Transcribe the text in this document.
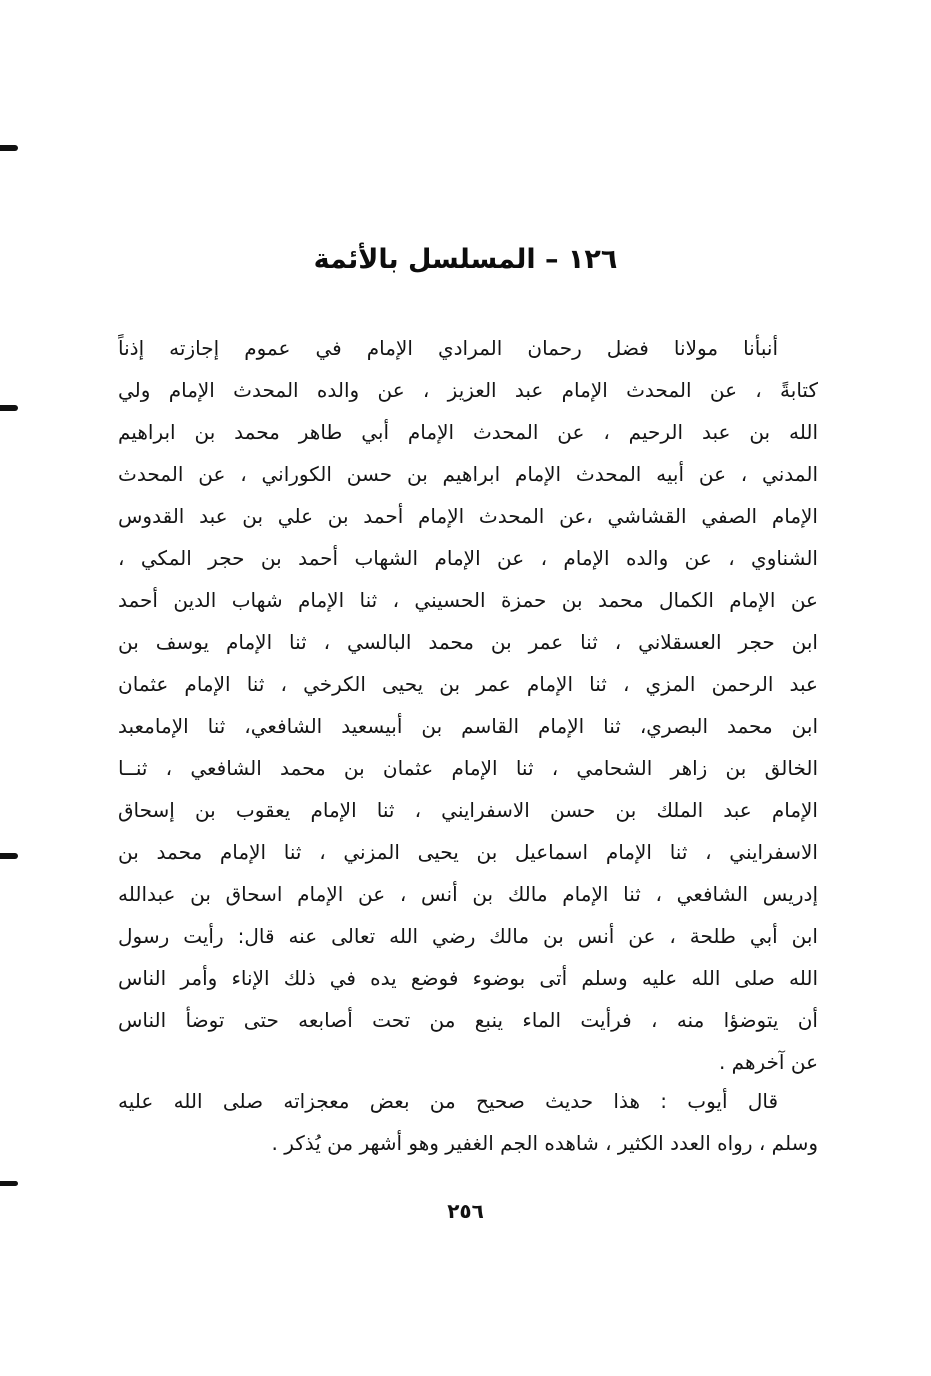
١٢٦ – المسلسل بالأئمة
أنبأنا مولانا فضل رحمان المرادي الإمام في عموم إجازته إذناً
كتابةً ، عن المحدث الإمام عبد العزيز ، عن والده المحدث الإمام ولي
الله بن عبد الرحيم ، عن المحدث الإمام أبي طاهر محمد بن ابراهيم
المدني ، عن أبيه المحدث الإمام ابراهيم بن حسن الكوراني ، عن المحدث
الإمام الصفي القشاشي ،عن المحدث الإمام أحمد بن علي بن عبد القدوس
الشناوي ، عن والده الإمام ، عن الإمام الشهاب أحمد بن حجر المكي ،
عن الإمام الكمال محمد بن حمزة الحسيني ، ثنا الإمام شهاب الدين أحمد
ابن حجر العسقلاني ، ثنا عمر بن محمد البالسي ، ثنا الإمام يوسف بن
عبد الرحمن المزي ، ثنا الإمام عمر بن يحيى الكرخي ، ثنا الإمام عثمان
ابن محمد البصري، ثنا الإمام القاسم بن أبيسعيد الشافعي، ثنا الإمامعبد
الخالق بن زاهر الشحامي ، ثنا الإمام عثمان بن محمد الشافعي ، ثنــا
الإمام عبد الملك بن حسن الاسفرايني ، ثنا الإمام يعقوب بن إسحاق
الاسفرايني ، ثنا الإمام اسماعيل بن يحيى المزني ، ثنا الإمام محمد بن
إدريس الشافعي ، ثنا الإمام مالك بن أنس ، عن الإمام اسحاق بن عبدالله
ابن أبي طلحة ، عن أنس بن مالك رضي الله تعالى عنه قال: رأيت رسول
الله صلى الله عليه وسلم أتى بوضوء فوضع يده في ذلك الإناء وأمر الناس
أن يتوضؤا منه ، فرأيت الماء ينبع من تحت أصابعه حتى توضأ الناس
عن آخرهم .
قال أيوب : هذا حديث صحيح من بعض معجزاته صلى الله عليه
وسلم ، رواه العدد الكثير ، شاهده الجم الغفير وهو أشهر من يُذكر .
٢٥٦
